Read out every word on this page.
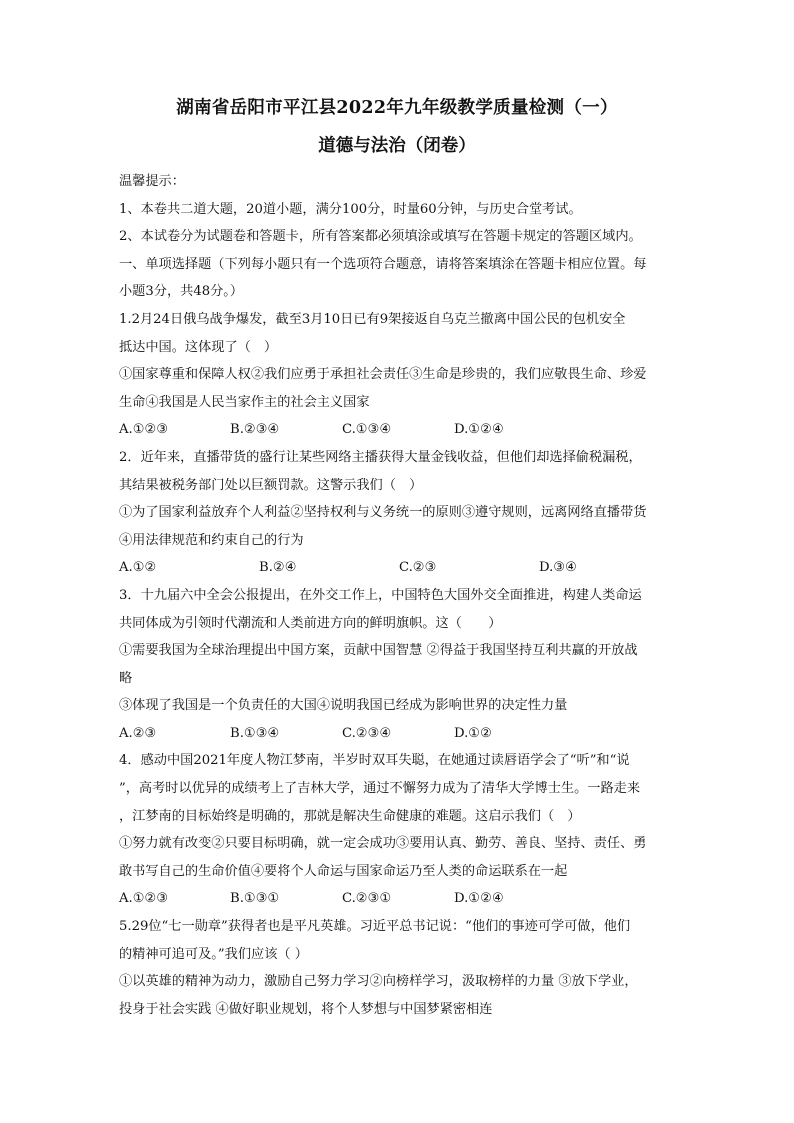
湖南省岳阳市平江县2022年九年级教学质量检测（一）
道德与法治（闭卷）
温馨提示：
1、本卷共二道大题，20道小题，满分100分，时量60分钟，与历史合堂考试。
2、本试卷分为试题卷和答题卡，所有答案都必须填涂或填写在答题卡规定的答题区域内。
一、单项选择题（下列每小题只有一个选项符合题意，请将答案填涂在答题卡相应位置。每
小题3分，共48分。）
1.2月24日俄乌战争爆发，截至3月10日已有9架接返自乌克兰撤离中国公民的包机安全
抵达中国。这体现了（　）
①国家尊重和保障人权②我们应勇于承担社会责任③生命是珍贵的，我们应敬畏生命、珍爱
生命④我国是人民当家作主的社会主义国家
A.①②③	B.②③④	C.①③④	D.①②④
2．近年来，直播带货的盛行让某些网络主播获得大量金钱收益，但他们却选择偷税漏税，
其结果被税务部门处以巨额罚款。这警示我们（　）
①为了国家利益放弃个人利益②坚持权利与义务统一的原则③遵守规则，远离网络直播带货
④用法律规范和约束自己的行为
A.①②	B.②④	C.②③	D.③④
3．十九届六中全会公报提出，在外交工作上，中国特色大国外交全面推进，构建人类命运
共同体成为引领时代潮流和人类前进方向的鲜明旗帜。这（　　）
①需要我国为全球治理提出中国方案，贡献中国智慧 ②得益于我国坚持互利共赢的开放战
略
③体现了我国是一个负责任的大国④说明我国已经成为影响世界的决定性力量
A.②③	B.①③④	C.②③④	D.①②
4．感动中国2021年度人物江梦南，半岁时双耳失聪，在她通过读唇语学会了“听”和“说
”，高考时以优异的成绩考上了吉林大学，通过不懈努力成为了清华大学博士生。一路走来
，江梦南的目标始终是明确的，那就是解决生命健康的难题。这启示我们（　）
①努力就有改变②只要目标明确，就一定会成功③要用认真、勤劳、善良、坚持、责任、勇
敢书写自己的生命价值④要将个人命运与国家命运乃至人类的命运联系在一起
A.①②③	B.①③①	C.②③①	D.①②④
5.29位“七一勋章”获得者也是平凡英雄。习近平总书记说：“他们的事迹可学可做，他们
的精神可追可及。”我们应该（ ）
①以英雄的精神为动力，激励自己努力学习②向榜样学习，汲取榜样的力量 ③放下学业，
投身于社会实践 ④做好职业规划，将个人梦想与中国梦紧密相连
